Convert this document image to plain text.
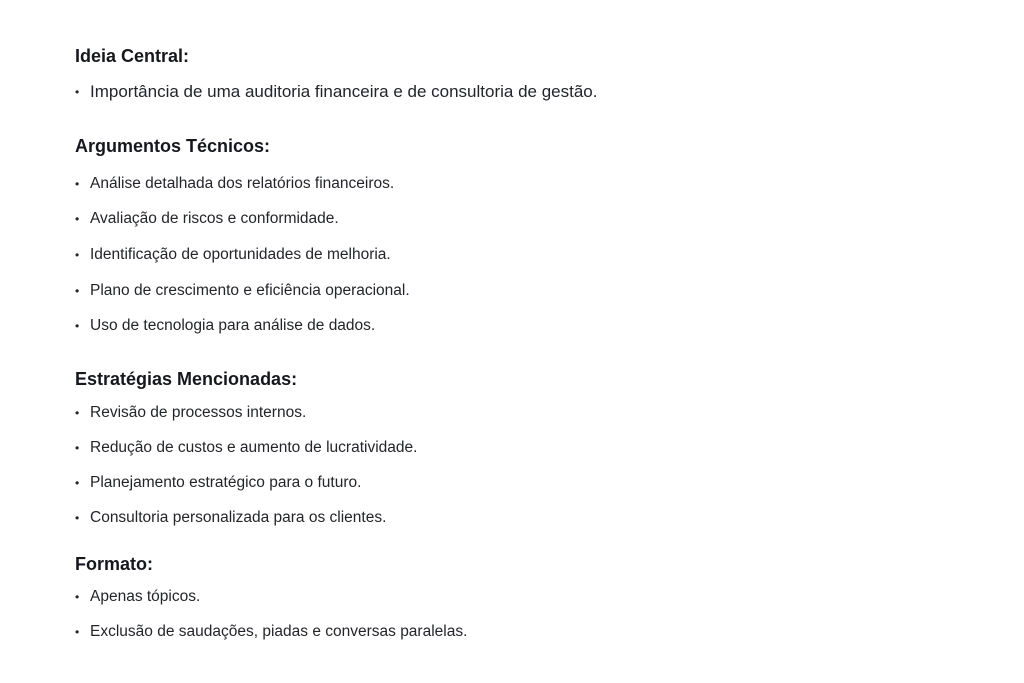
Ideia Central:
• Importância de uma auditoria financeira e de consultoria de gestão.
Argumentos Técnicos:
• Análise detalhada dos relatórios financeiros.
• Avaliação de riscos e conformidade.
• Identificação de oportunidades de melhoria.
• Plano de crescimento e eficiência operacional.
• Uso de tecnologia para análise de dados.
Estratégias Mencionadas:
• Revisão de processos internos.
• Redução de custos e aumento de lucratividade.
• Planejamento estratégico para o futuro.
• Consultoria personalizada para os clientes.
Formato:
• Apenas tópicos.
• Exclusão de saudações, piadas e conversas paralelas.
